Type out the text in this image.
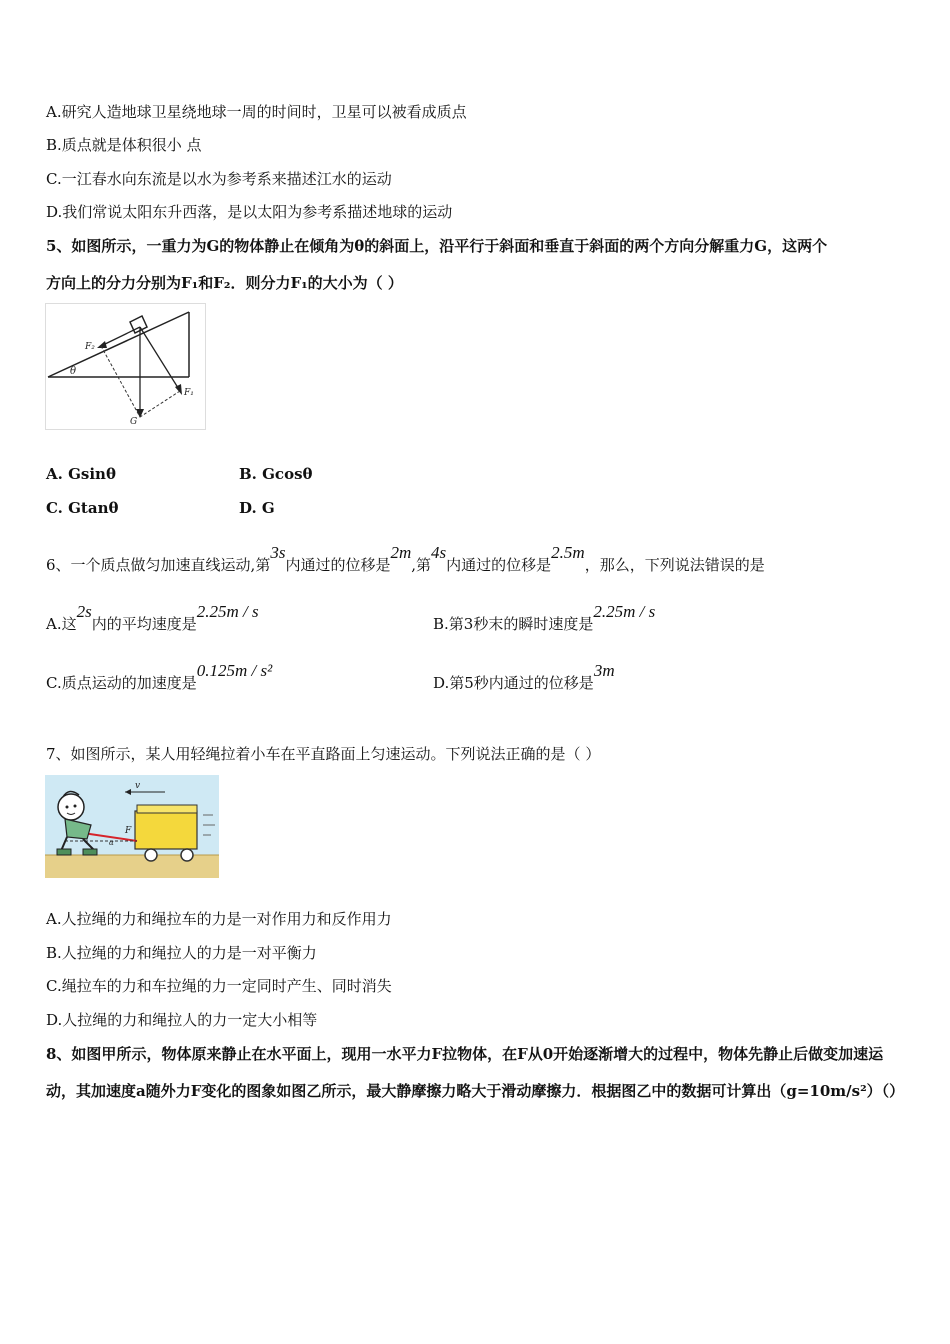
A.研究人造地球卫星绕地球一周的时间时，卫星可以被看成质点
B.质点就是体积很小 点
C.一江春水向东流是以水为参考系来描述江水的运动
D.我们常说太阳东升西落，是以太阳为参考系描述地球的运动
5、如图所示，一重力为G的物体静止在倾角为θ的斜面上，沿平行于斜面和垂直于斜面的两个方向分解重力G，这两个
方向上的分力分别为F₁和F₂．则分力F₁的大小为（ ）
F₂
θ
F₁
G
A. Gsinθ	B. Gcosθ
C. Gtanθ	D. G
6、一个质点做匀加速直线运动,第3s内通过的位移是2m,第4s内通过的位移是2.5m，那么，下列说法错误的是
A.这2s内的平均速度是2.25m / s
B.第3秒末的瞬时速度是2.25m / s
C.质点运动的加速度是0.125m / s²
D.第5秒内通过的位移是3m
7、如图所示，某人用轻绳拉着小车在平直路面上匀速运动。下列说法正确的是（ ）
v
F
α
A.人拉绳的力和绳拉车的力是一对作用力和反作用力
B.人拉绳的力和绳拉人的力是一对平衡力
C.绳拉车的力和车拉绳的力一定同时产生、同时消失
D.人拉绳的力和绳拉人的力一定大小相等
8、如图甲所示，物体原来静止在水平面上，现用一水平力F拉物体，在F从0开始逐渐增大的过程中，物体先静止后做变加速运动，其加速度a随外力F变化的图象如图乙所示，最大静摩擦力略大于滑动摩擦力．根据图乙中的数据可计算出（g=10m/s²）（）
